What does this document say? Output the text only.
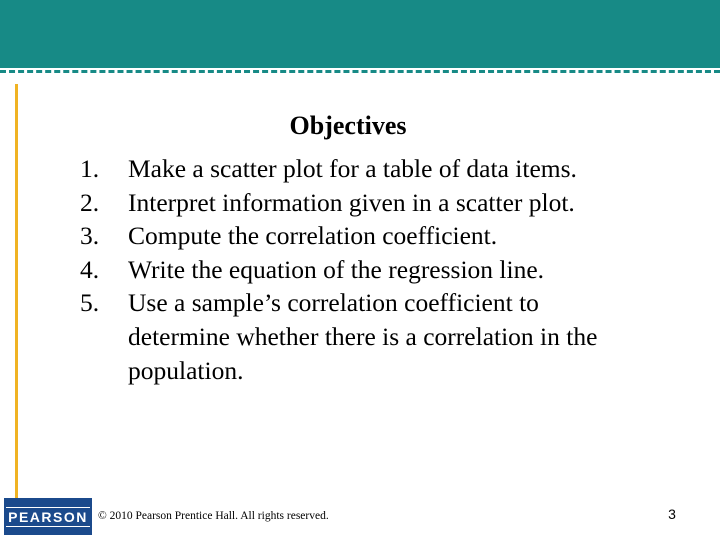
Objectives
1. Make a scatter plot for a table of data items.
2. Interpret information given in a scatter plot.
3. Compute the correlation coefficient.
4. Write the equation of the regression line.
5. Use a sample’s correlation coefficient to determine whether there is a correlation in the population.
PEARSON © 2010 Pearson Prentice Hall. All rights reserved.	3
